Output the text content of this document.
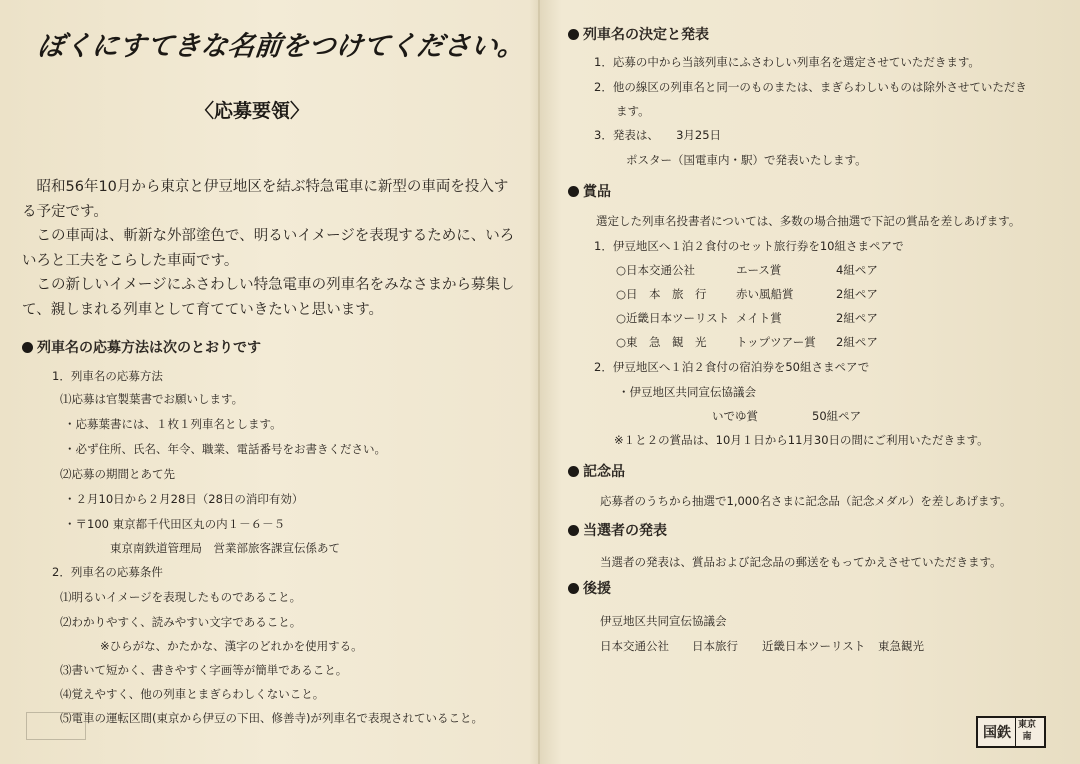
ぼくにすてきな名前をつけてください。
〈応募要領〉

昭和56年10月から東京と伊豆地区を結ぶ特急電車に新型の車両を投入する予定です。

この車両は、斬新な外部塗色で、明るいイメージを表現するために、いろいろと工夫をこらした車両です。

この新しいイメージにふさわしい特急電車の列車名をみなさまから募集して、親しまれる列車として育てていきたいと思います。

列車名の応募方法は次のとおりです
1．列車名の応募方法
⑴応募は官製葉書でお願いします。
・応募葉書には、１枚１列車名とします。
・必ず住所、氏名、年令、職業、電話番号をお書きください。
⑵応募の期間とあて先
・２月10日から２月28日（28日の消印有効）
・〒100 東京都千代田区丸の内１－６－５
東京南鉄道管理局　営業部旅客課宣伝係あて
2．列車名の応募条件
⑴明るいイメージを表現したものであること。
⑵わかりやすく、読みやすい文字であること。
※ひらがな、かたかな、漢字のどれかを使用する。
⑶書いて短かく、書きやすく字画等が簡単であること。
⑷覚えやすく、他の列車とまぎらわしくないこと。
⑸電車の運転区間(東京から伊豆の下田、修善寺)が列車名で表現されていること。
列車名の決定と発表
1．応募の中から当該列車にふさわしい列車名を選定させていただきます。
2．他の線区の列車名と同一のものまたは、まぎらわしいものは除外させていただき
ます。
3．発表は、　　3月25日
ポスター（国電車内・駅）で発表いたします。
賞品
選定した列車名投書者については、多数の場合抽選で下記の賞品を差しあげます。
1．伊豆地区へ１泊２食付のセット旅行券を10組さまペアで
○日本交通公社	エース賞	4組ペア
○日　本　旅　行	赤い風船賞	2組ペア
○近畿日本ツーリスト メイト賞	2組ペア
○東　急　観　光	トップツアー賞 2組ペア
2．伊豆地区へ１泊２食付の宿泊券を50組さまペアで
・伊豆地区共同宣伝協議会
いでゆ賞	50組ペア
※１と２の賞品は、10月１日から11月30日の間にご利用いただきます。
記念品
応募者のうちから抽選で1,000名さまに記念品（記念メダル）を差しあげます。
当選者の発表
当選者の発表は、賞品および記念品の郵送をもってかえさせていただきます。
後援
伊豆地区共同宣伝協議会
日本交通公社 日本旅行 近畿日本ツーリスト 東急観光
国鉄 東京
南
